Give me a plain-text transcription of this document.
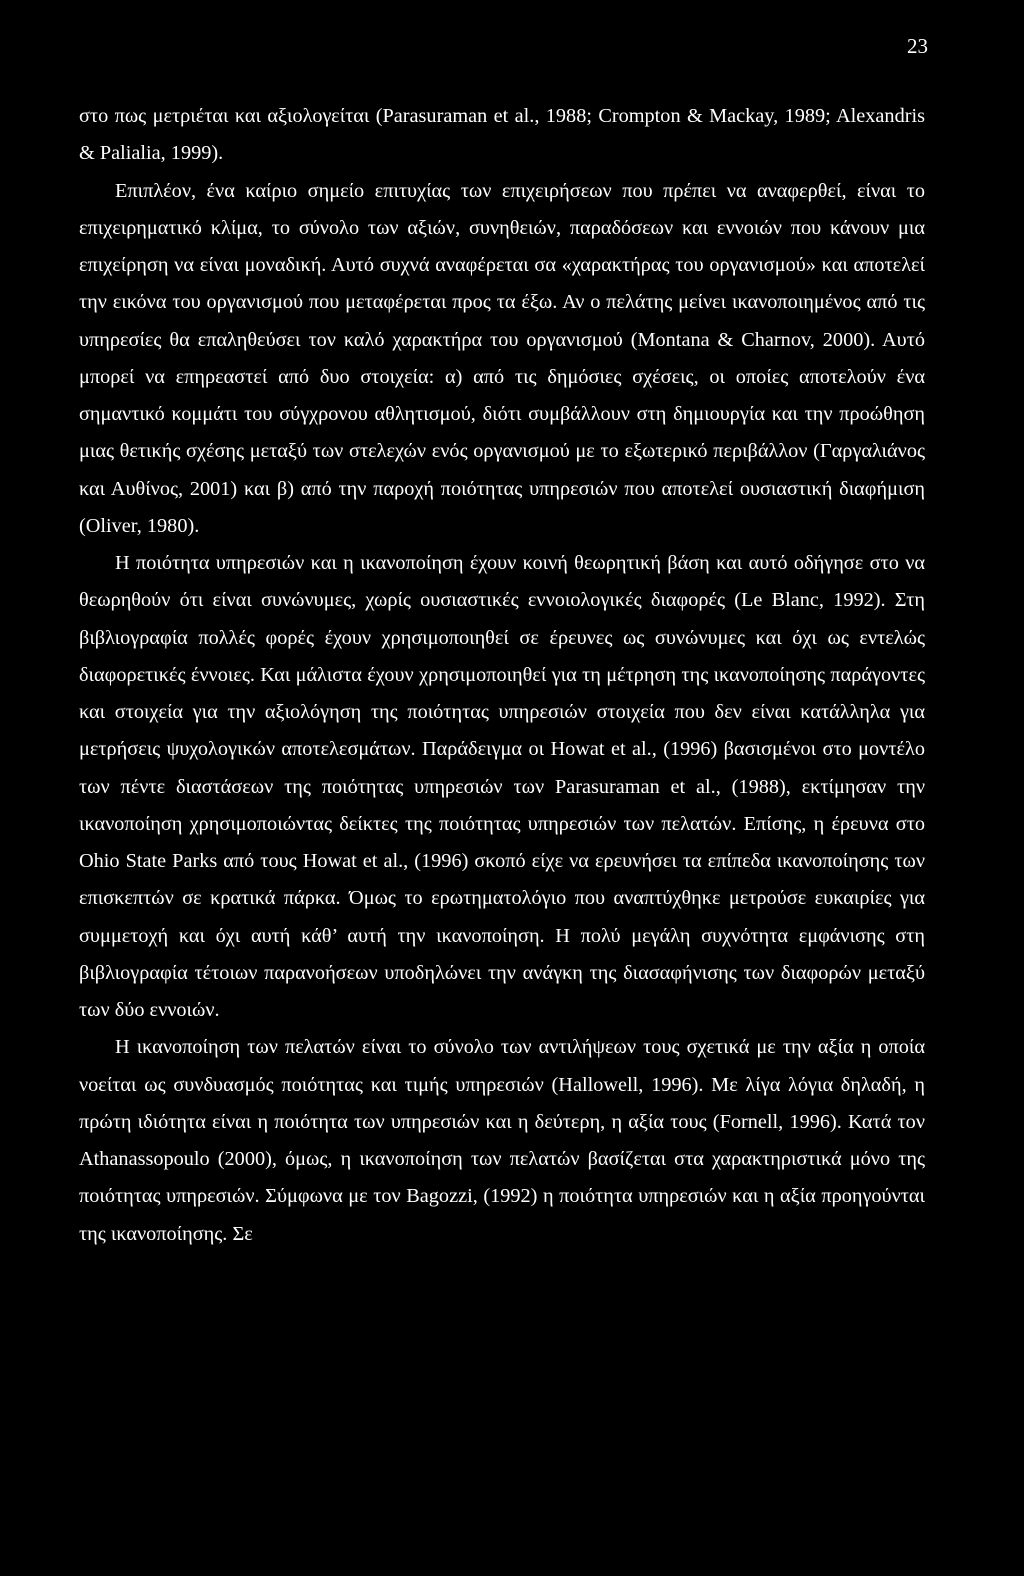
23

στο πως μετριέται και αξιολογείται (Parasuraman et al., 1988; Crompton & Mackay, 1989; Alexandris & Palialia, 1999).

Επιπλέον, ένα καίριο σημείο επιτυχίας των επιχειρήσεων που πρέπει να αναφερθεί, είναι το επιχειρηματικό κλίμα, το σύνολο των αξιών, συνηθειών, παραδόσεων και εννοιών που κάνουν μια επιχείρηση να είναι μοναδική. Αυτό συχνά αναφέρεται σα «χαρακτήρας του οργανισμού» και αποτελεί την εικόνα του οργανισμού που μεταφέρεται προς τα έξω. Αν ο πελάτης μείνει ικανοποιημένος από τις υπηρεσίες θα επαληθεύσει τον καλό χαρακτήρα του οργανισμού (Montana & Charnov, 2000). Αυτό μπορεί να επηρεαστεί από δυο στοιχεία: α) από τις δημόσιες σχέσεις, οι οποίες αποτελούν ένα σημαντικό κομμάτι του σύγχρονου αθλητισμού, διότι συμβάλλουν στη δημιουργία και την προώθηση μιας θετικής σχέσης μεταξύ των στελεχών ενός οργανισμού με το εξωτερικό περιβάλλον (Γαργαλιάνος και Αυθίνος, 2001) και β) από την παροχή ποιότητας υπηρεσιών που αποτελεί ουσιαστική διαφήμιση (Oliver, 1980).

Η ποιότητα υπηρεσιών και η ικανοποίηση έχουν κοινή θεωρητική βάση και αυτό οδήγησε στο να θεωρηθούν ότι είναι συνώνυμες, χωρίς ουσιαστικές εννοιολογικές διαφορές (Le Blanc, 1992). Στη βιβλιογραφία πολλές φορές έχουν χρησιμοποιηθεί σε έρευνες ως συνώνυμες και όχι ως εντελώς διαφορετικές έννοιες. Και μάλιστα έχουν χρησιμοποιηθεί για τη μέτρηση της ικανοποίησης παράγοντες και στοιχεία για την αξιολόγηση της ποιότητας υπηρεσιών στοιχεία που δεν είναι κατάλληλα για μετρήσεις ψυχολογικών αποτελεσμάτων. Παράδειγμα οι Howat et al., (1996) βασισμένοι στο μοντέλο των πέντε διαστάσεων της ποιότητας υπηρεσιών των Parasuraman et al., (1988), εκτίμησαν την ικανοποίηση χρησιμοποιώντας δείκτες της ποιότητας υπηρεσιών των πελατών. Επίσης, η έρευνα στο Ohio State Parks από τους Howat et al., (1996) σκοπό είχε να ερευνήσει τα επίπεδα ικανοποίησης των επισκεπτών σε κρατικά πάρκα. Όμως το ερωτηματολόγιο που αναπτύχθηκε μετρούσε ευκαιρίες για συμμετοχή και όχι αυτή κάθ’ αυτή την ικανοποίηση. Η πολύ μεγάλη συχνότητα εμφάνισης στη βιβλιογραφία τέτοιων παρανοήσεων υποδηλώνει την ανάγκη της διασαφήνισης των διαφορών μεταξύ των δύο εννοιών.

Η ικανοποίηση των πελατών είναι το σύνολο των αντιλήψεων τους σχετικά με την αξία η οποία νοείται ως συνδυασμός ποιότητας και τιμής υπηρεσιών (Hallowell, 1996). Με λίγα λόγια δηλαδή, η πρώτη ιδιότητα είναι η ποιότητα των υπηρεσιών και η δεύτερη, η αξία τους (Fornell, 1996). Κατά τον Athanassopoulo (2000), όμως, η ικανοποίηση των πελατών βασίζεται στα χαρακτηριστικά μόνο της ποιότητας υπηρεσιών. Σύμφωνα με τον Bagozzi, (1992) η ποιότητα υπηρεσιών και η αξία προηγούνται της ικανοποίησης. Σε
